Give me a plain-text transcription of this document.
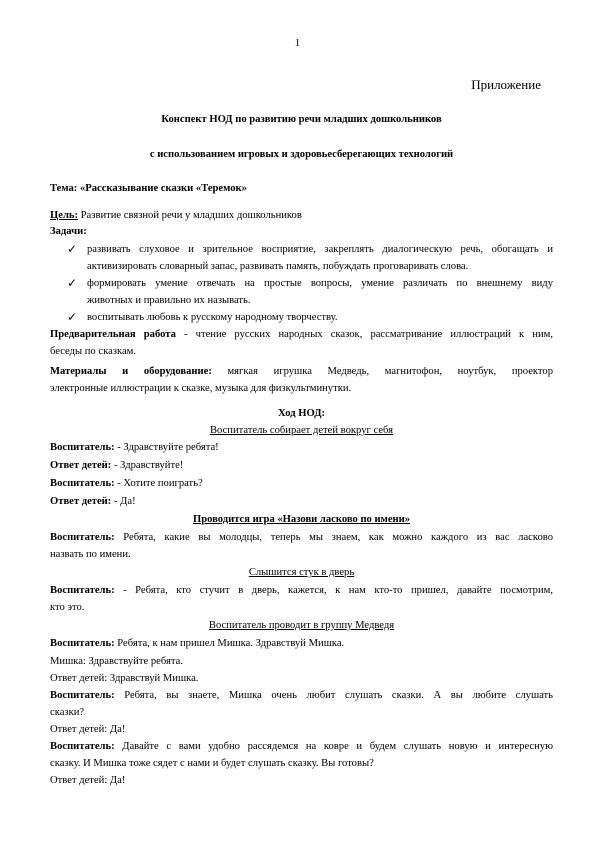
1
Приложение
Конспект НОД по развитию речи младших дошкольников
с использованием игровых и здоровьесберегающих технологий
Тема: «Рассказывание сказки «Теремок»
Цель: Развитие связной речи у младших дошкольников
Задачи:
✓ развивать слуховое и зрительное восприятие, закреплять диалогическую речь, обогащать и
активизировать словарный запас, развивать память, побуждать проговаривать слова.
✓ формировать умение отвечать на простые вопросы, умение различать по внешнему виду
животных и правильно их называть.
✓ воспитывать любовь к русскому народному творчеству.
Предварительная работа - чтение русских народных сказок, рассматривание иллюстраций к ним,
беседы по сказкам.
Материалы и оборудование: мягкая игрушка Медведь, магнитофон, ноутбук, проектор
электронные иллюстрации к сказке, музыка для физкультминутки.
Ход НОД:
Воспитатель собирает детей вокруг себя
Воспитатель: - Здравствуйте ребята!
Ответ детей: - Здравствуйте!
Воспитатель: - Хотите поиграть?
Ответ детей: - Да!
Проводится игра «Назови ласково по имени»
Воспитатель: Ребята, какие вы молодцы, теперь мы знаем, как можно каждого из вас ласково
назвать по имени.
Слышится стук в дверь
Воспитатель: - Ребята, кто стучит в дверь, кажется, к нам кто-то пришел, давайте посмотрим,
кто это.
Воспитатель проводит в группу Медведя
Воспитатель: Ребята, к нам пришел Мишка. Здравствуй Мишка.
Мишка: Здравствуйте ребята.
Ответ детей: Здравствуй Мишка.
Воспитатель: Ребята, вы знаете, Мишка очень любит слушать сказки. А вы любите слушать
сказки?
Ответ детей: Да!
Воспитатель: Давайте с вами удобно рассядемся на ковре и будем слушать новую и интересную
сказку. И Мишка тоже сядет с нами и будет слушать сказку. Вы готовы?
Ответ детей: Да!
